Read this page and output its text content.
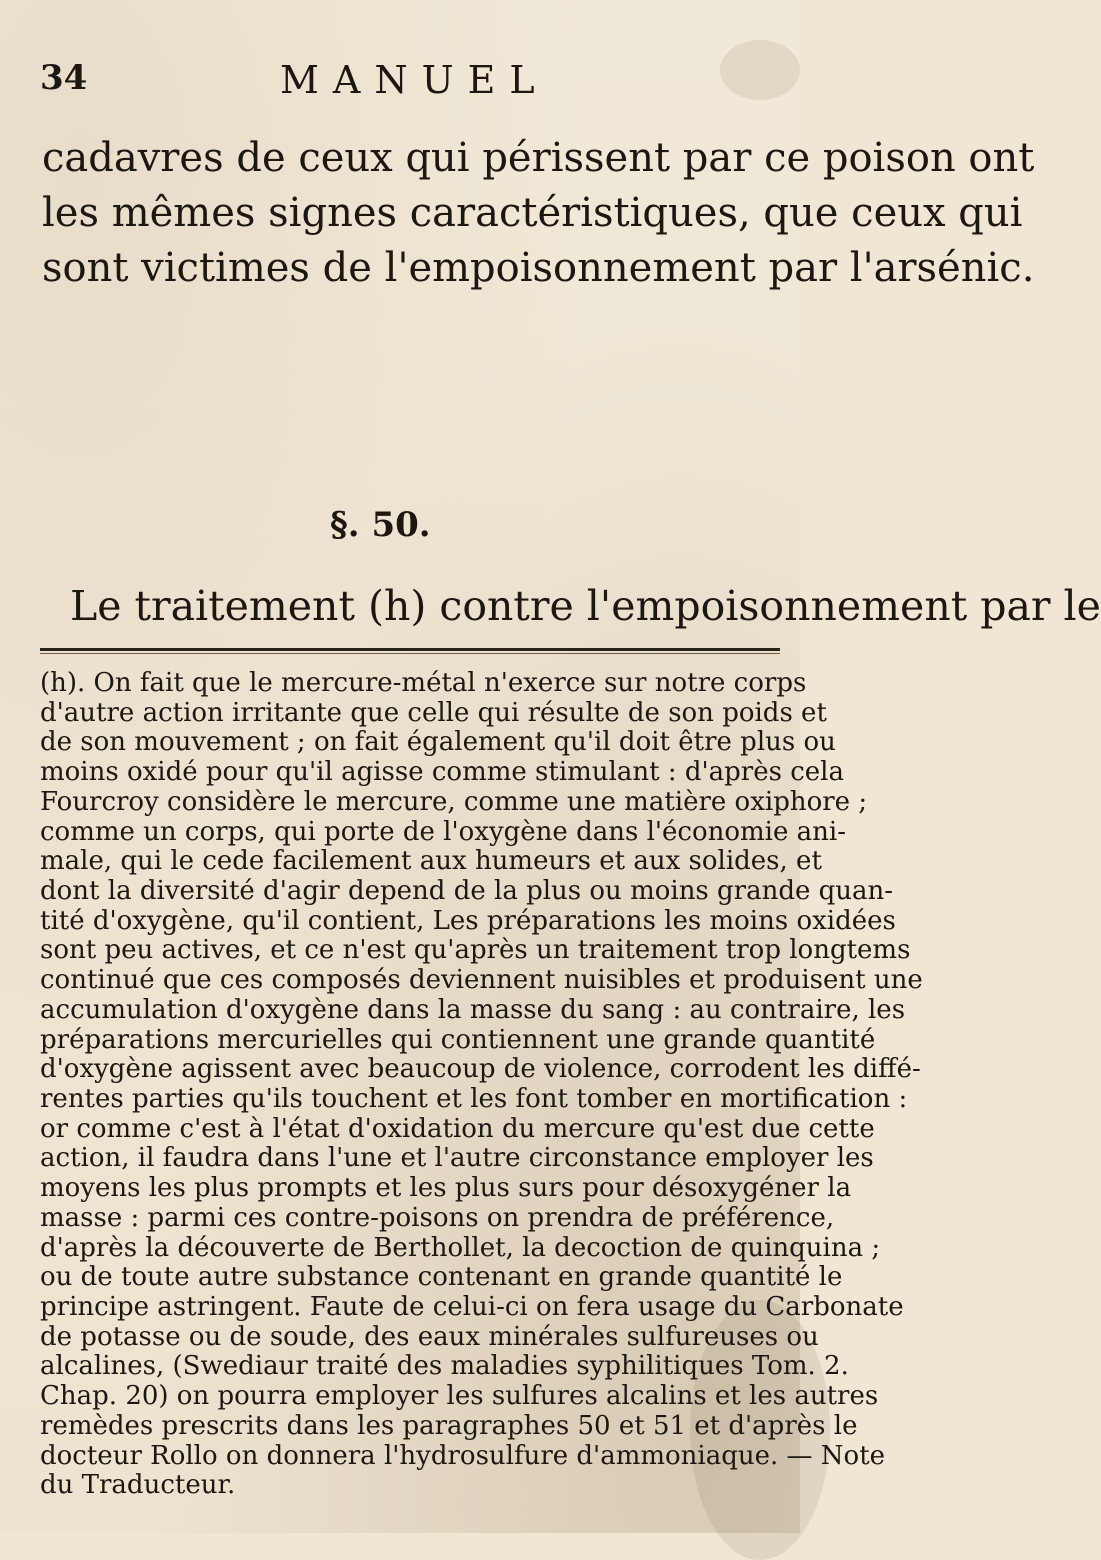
34	MANUEL
cadavres de ceux qui périssent par ce poison ont
les mêmes signes caractéristiques, que ceux qui
sont victimes de l'empoisonnement par l'arsénic.
§. 50.
Le traitement (h) contre l'empoisonnement par le
(h). On fait que le mercure-métal n'exerce sur notre corps
d'autre action irritante que celle qui résulte de son poids et
de son mouvement ; on fait également qu'il doit être plus ou
moins oxidé pour qu'il agisse comme stimulant : d'après cela
Fourcroy considère le mercure, comme une matière oxiphore ;
comme un corps, qui porte de l'oxygène dans l'économie ani-
male, qui le cede facilement aux humeurs et aux solides, et
dont la diversité d'agir depend de la plus ou moins grande quan-
tité d'oxygène, qu'il contient, Les préparations les moins oxidées
sont peu actives, et ce n'est qu'après un traitement trop longtems
continué que ces composés deviennent nuisibles et produisent une
accumulation d'oxygène dans la masse du sang : au contraire, les
préparations mercurielles qui contiennent une grande quantité
d'oxygène agissent avec beaucoup de violence, corrodent les diffé-
rentes parties qu'ils touchent et les font tomber en mortification :
or comme c'est à l'état d'oxidation du mercure qu'est due cette
action, il faudra dans l'une et l'autre circonstance employer les
moyens les plus prompts et les plus surs pour désoxygéner la
masse : parmi ces contre-poisons on prendra de préférence,
d'après la découverte de Berthollet, la decoction de quinquina ;
ou de toute autre substance contenant en grande quantité le
principe astringent. Faute de celui-ci on fera usage du Carbonate
de potasse ou de soude, des eaux minérales sulfureuses ou
alcalines, (Swediaur traité des maladies syphilitiques Tom. 2.
Chap. 20) on pourra employer les sulfures alcalins et les autres
remèdes prescrits dans les paragraphes 50 et 51 et d'après le
docteur Rollo on donnera l'hydrosulfure d'ammoniaque. — Note
du Traducteur.
